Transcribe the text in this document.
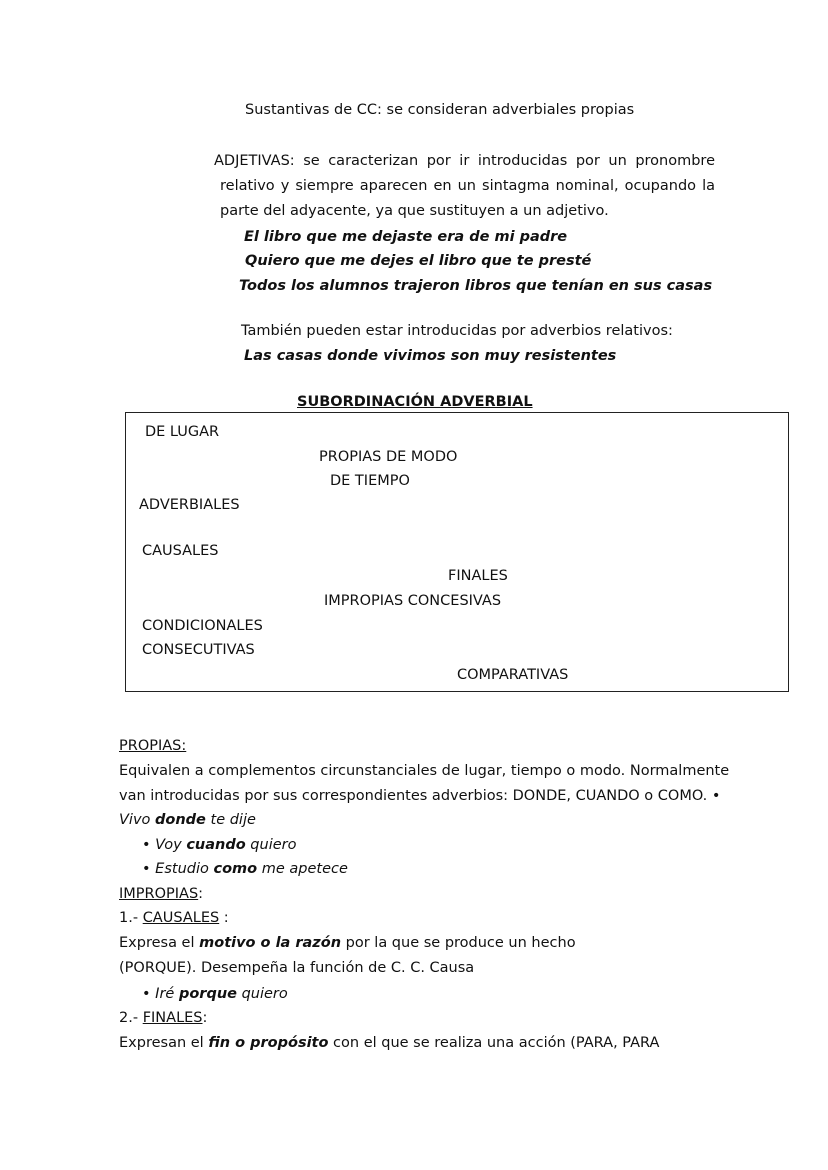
Sustantivas de CC: se consideran adverbiales propias
ADJETIVAS: se caracterizan por ir introducidas por un pronombre
relativo y siempre aparecen en un sintagma nominal, ocupando la
parte del adyacente, ya que sustituyen a un adjetivo.
El libro que me dejaste era de mi padre
Quiero que me dejes el libro que te presté
Todos los alumnos trajeron libros que tenían en sus casas
También pueden estar introducidas por adverbios relativos:
Las casas donde vivimos son muy resistentes
SUBORDINACIÓN ADVERBIAL
DE LUGAR
PROPIAS DE MODO
DE TIEMPO
ADVERBIALES
CAUSALES
FINALES
IMPROPIAS CONCESIVAS
CONDICIONALES
CONSECUTIVAS
COMPARATIVAS
PROPIAS:
Equivalen a complementos circunstanciales de lugar, tiempo o modo. Normalmente
van introducidas por sus correspondientes adverbios: DONDE, CUANDO o COMO. •
Vivo donde te dije
• Voy cuando quiero
• Estudio como me apetece
IMPROPIAS:
1.- CAUSALES :
Expresa el motivo o la razón por la que se produce un hecho
(PORQUE). Desempeña la función de C. C. Causa
• Iré porque quiero
2.- FINALES:
Expresan el fin o propósito con el que se realiza una acción (PARA, PARA
